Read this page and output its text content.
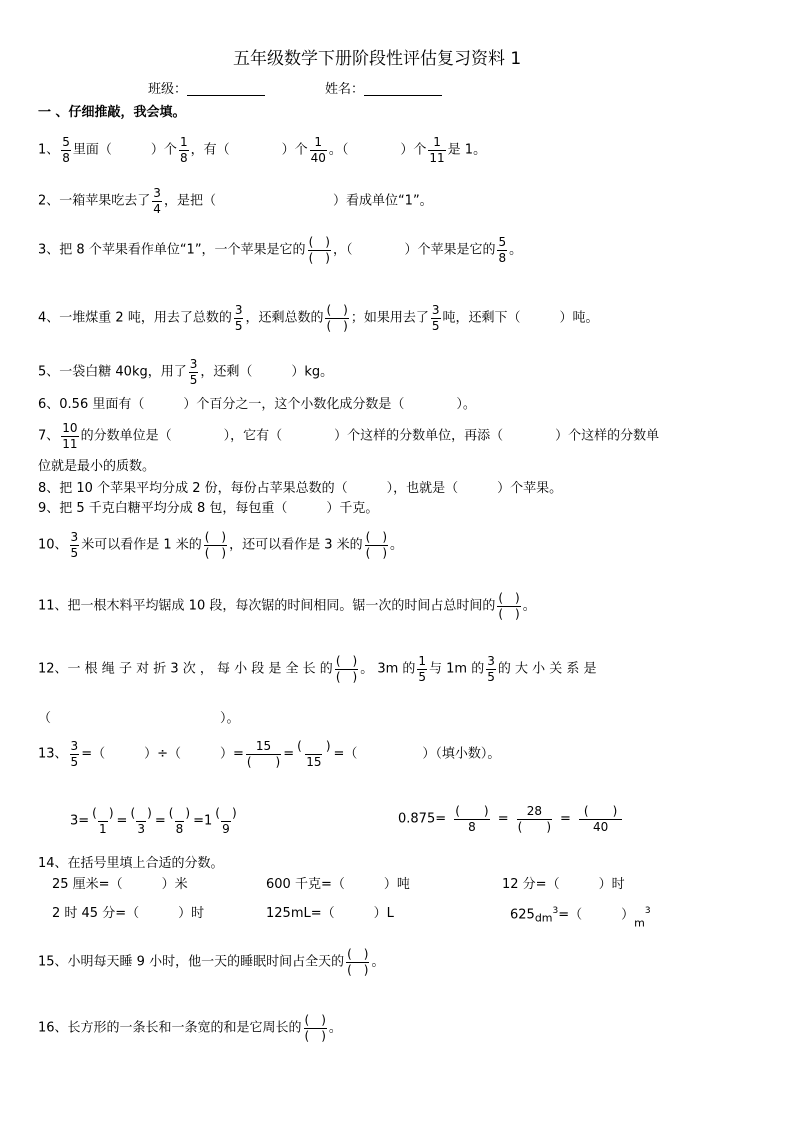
五年级数学下册阶段性评估复习资料 1
班级：	姓名：
一 、仔细推敲，我会填。
1、 $\frac{5}{8}$ 里面（　　　）个 $\frac{1}{8}$ ，有（　　　　）个 $\frac{1}{40}$ 。（　　　　）个 $\frac{1}{11}$ 是 1。
2、一箱苹果吃去了 $\frac{3}{4}$ ，是把（　　　　　　　　　）看成单位“1”。
3、把 8 个苹果看作单位“1”，一个苹果是它的 $\frac{( )}{( )}$ ，（　　　　）个苹果是它的 $\frac{5}{8}$ 。
4、一堆煤重 2 吨，用去了总数的 $\frac{3}{5}$ ，还剩总数的 $\frac{( )}{( )}$ ；如果用去了 $\frac{3}{5}$ 吨，还剩下（　　　）吨。
5、一袋白糖 40kg，用了 $\frac{3}{5}$ ，还剩（　　　）kg。
6、0.56 里面有（　　　）个百分之一，这个小数化成分数是（　　　　）。
7、 $\frac{10}{11}$ 的分数单位是（　　　　），它有（　　　　）个这样的分数单位，再添（　　　　）个这样的分数单
位就是最小的质数。
8、把 10 个苹果平均分成 2 份，每份占苹果总数的（　　　），也就是（　　　）个苹果。
9、把 5 千克白糖平均分成 8 包，每包重（　　　）千克。
10、 $\frac{3}{5}$ 米可以看作是 1 米的 $\frac{( )}{( )}$ ，还可以看作是 3 米的 $\frac{( )}{( )}$ 。
11、把一根木料平均锯成 10 段，每次锯的时间相同。锯一次的时间占总时间的 $\frac{( )}{( )}$ 。
12、一 根 绳 子 对 折 3 次 ， 每 小 段 是 全 长 的 $\frac{( )}{( )}$ 。 3m 的 $\frac{1}{5}$ 与 1m 的 $\frac{3}{5}$ 的 大 小 关 系 是
（　　　　　　　　　　　　　）。
13、 $\frac{3}{5}$ =（　　　）÷（　　　）= $\frac{15}{( )} = \frac{( )}{15}$ =（　　　　　）（填小数）。
$3= \frac{( )}{1} = \frac{( )}{3} = \frac{( )}{8} =1 \frac{( )}{9}$	$0.875= \frac{( )}{8} = \frac{28}{( )} = \frac{( )}{40}$
14、在括号里填上合适的分数。
25 厘米=（　　　）米	600 千克=（　　　）吨	12 分=（　　　）时
2 时 45 分=（　　　）时	125mL=（　　　）L	$625_{dm}^3=$（　　　）$_m^3$
15、小明每天睡 9 小时，他一天的睡眠时间占全天的 $\frac{( )}{( )}$ 。
16、长方形的一条长和一条宽的和是它周长的 $\frac{( )}{( )}$ 。
